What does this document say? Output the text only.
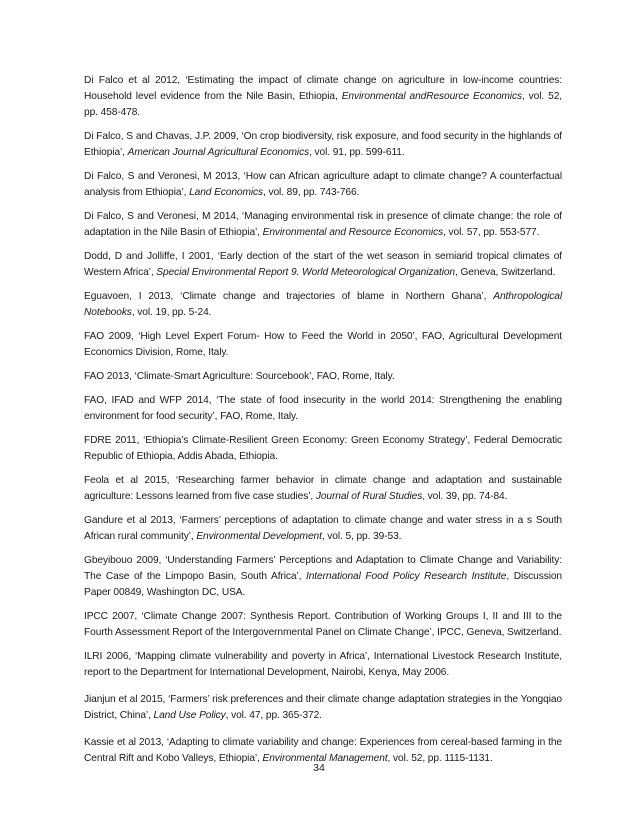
Di Falco et al 2012, ‘Estimating the impact of climate change on agriculture in low-income countries: Household level evidence from the Nile Basin, Ethiopia, Environmental andResource Economics, vol. 52, pp. 458-478.

Di Falco, S and Chavas, J.P. 2009, ‘On crop biodiversity, risk exposure, and food security in the highlands of Ethiopia’, American Journal Agricultural Economics, vol. 91, pp. 599-611.

Di Falco, S and Veronesi, M 2013, ‘How can African agriculture adapt to climate change? A counterfactual analysis from Ethiopia’, Land Economics, vol. 89, pp. 743-766.

Di Falco, S and Veronesi, M 2014, ‘Managing environmental risk in presence of climate change: the role of adaptation in the Nile Basin of Ethiopia’, Environmental and Resource Economics, vol. 57, pp. 553-577.

Dodd, D and Jolliffe, I 2001, ‘Early dection of the start of the wet season in semiarid tropical climates of Western Africa’, Special Environmental Report 9. World Meteorological Organization, Geneva, Switzerland.

Eguavoen, I 2013, ‘Climate change and trajectories of blame in Northern Ghana’, Anthropological Notebooks, vol. 19, pp. 5-24.

FAO 2009, ‘High Level Expert Forum- How to Feed the World in 2050’, FAO, Agricultural Development Economics Division, Rome, Italy.

FAO 2013, ‘Climate-Smart Agriculture: Sourcebook’, FAO, Rome, Italy.

FAO, IFAD and WFP 2014, ‘The state of food insecurity in the world 2014: Strengthening the enabling environment for food security’, FAO, Rome, Italy.

FDRE 2011, ‘Ethiopia’s Climate-Resilient Green Economy: Green Economy Strategy’, Federal Democratic Republic of Ethiopia, Addis Abada, Ethiopia.

Feola et al 2015, ‘Researching farmer behavior in climate change and adaptation and sustainable agriculture: Lessons learned from five case studies’, Journal of Rural Studies, vol. 39, pp. 74-84.

Gandure et al 2013, ‘Farmers’ perceptions of adaptation to climate change and water stress in a s South African rural community’, Environmental Development, vol. 5, pp. 39-53.

Gbeyibouo 2009, ‘Understanding Farmers’ Perceptions and Adaptation to Climate Change and Variability: The Case of the Limpopo Basin, South Africa’, International Food Policy Research Institute, Discussion Paper 00849, Washington DC, USA.

IPCC 2007, ‘Climate Change 2007: Synthesis Report. Contribution of Working Groups I, II and III to the Fourth Assessment Report of the Intergovernmental Panel on Climate Change’, IPCC, Geneva, Switzerland.

ILRI 2006, ‘Mapping climate vulnerability and poverty in Africa’, International Livestock Research Institute, report to the Department for International Development, Nairobi, Kenya, May 2006.

Jianjun et al 2015, ‘Farmers’ risk preferences and their climate change adaptation strategies in the Yongqiao District, China’, Land Use Policy, vol. 47, pp. 365-372.

Kassie et al 2013, ‘Adapting to climate variability and change: Experiences from cereal-based farming in the Central Rift and Kobo Valleys, Ethiopia’, Environmental Management, vol. 52, pp. 1115-1131.

34
